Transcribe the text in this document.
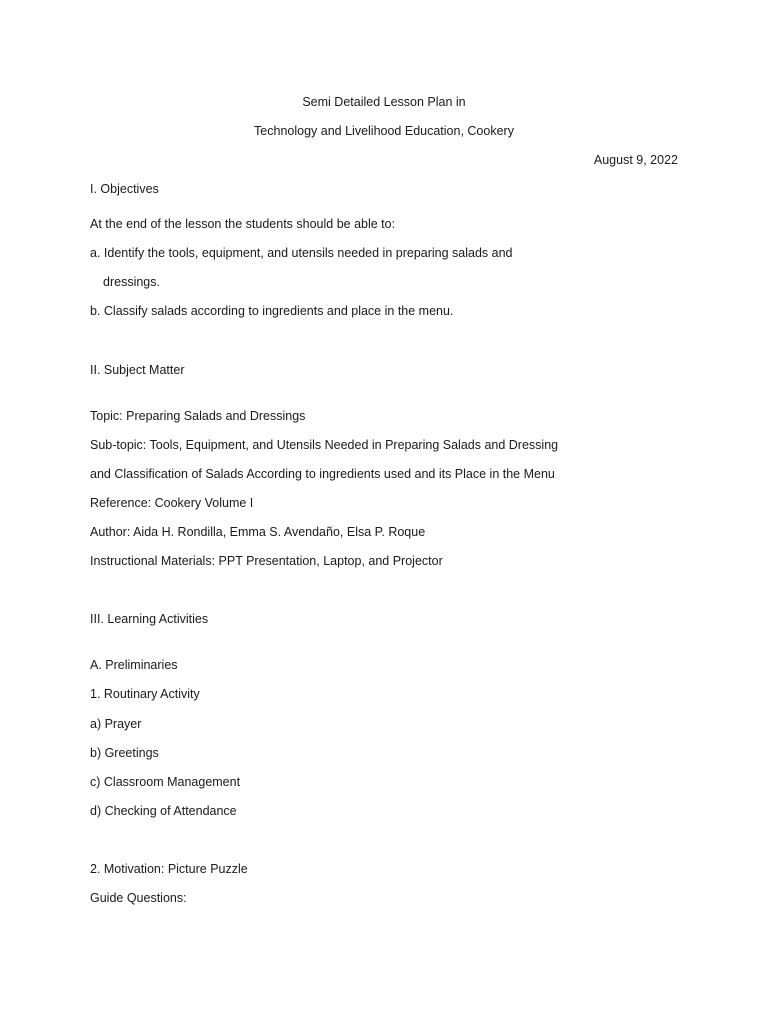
Semi Detailed Lesson Plan in
Technology and Livelihood Education, Cookery
August 9, 2022
I. Objectives
At the end of the lesson the students should be able to:
a. Identify the tools, equipment, and utensils needed in preparing salads and
dressings.
b. Classify salads according to ingredients and place in the menu.
II. Subject Matter
Topic: Preparing Salads and Dressings
Sub-topic: Tools, Equipment, and Utensils Needed in Preparing Salads and Dressing
and Classification of Salads According to ingredients used and its Place in the Menu
Reference: Cookery Volume I
Author: Aida H. Rondilla, Emma S. Avendaño, Elsa P. Roque
Instructional Materials: PPT Presentation, Laptop, and Projector
III. Learning Activities
A. Preliminaries
1. Routinary Activity
a) Prayer
b) Greetings
c) Classroom Management
d) Checking of Attendance
2. Motivation: Picture Puzzle
Guide Questions:
